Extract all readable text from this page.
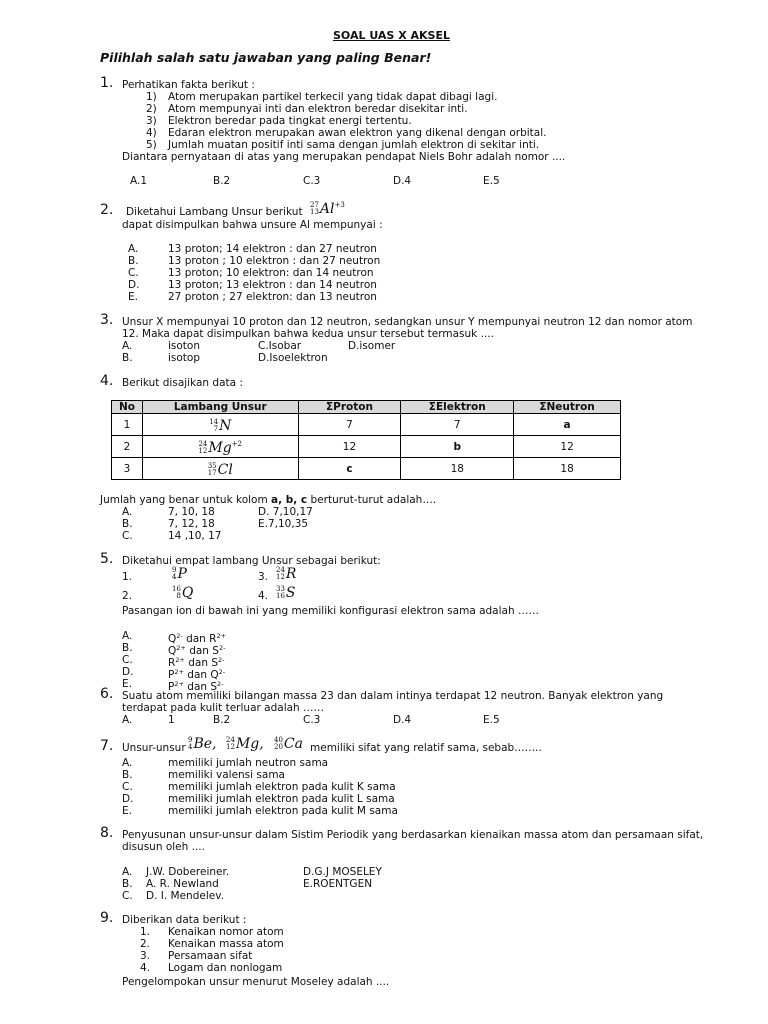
SOAL UAS X AKSEL
Pilihlah salah satu jawaban yang paling Benar!
1. Perhatikan fakta berikut :
1) Atom merupakan partikel terkecil yang tidak dapat dibagi lagi.
2) Atom mempunyai inti dan elektron beredar disekitar inti.
3) Elektron beredar pada tingkat energi tertentu.
4) Edaran elektron merupakan awan elektron yang dikenal dengan orbital.
5) Jumlah muatan positif inti sama dengan jumlah elektron di sekitar inti.
Diantara pernyataan di atas yang merupakan pendapat Niels Bohr adalah nomor ....
A.1	B.2	C.3	D.4	E.5
2. Diketahui Lambang Unsur berikut
27
13 $Al^{+3}$
dapat disimpulkan bahwa unsure Al mempunyai :
A.	13 proton; 14 elektron : dan 27 neutron
B.	13 proton ; 10 elektron : dan 27 neutron
C.	13 proton; 10 elektron: dan 14 neutron
D.	13 proton; 13 elektron : dan 14 neutron
E.	27 proton ; 27 elektron: dan 13 neutron
3. Unsur X mempunyai 10 proton dan 12 neutron, sedangkan unsur Y mempunyai neutron 12 dan nomor atom
12. Maka dapat disimpulkan bahwa kedua unsur tersebut termasuk ....
A.	isoton	C.Isobar	D.isomer
B.	isotop	D.Isoelektron
4. Berikut disajikan data :
No	Lambang Unsur	ΣProton	ΣElektron	ΣNeutron
1	14
7 N	7	7	a
2	24
12 $Mg^{+2}$	12	b	12
3	35
17 Cl	c	18	18
Jumlah yang benar untuk kolom a, b, c berturut-turut adalah….
A.	7, 10, 18	D. 7,10,17
B.	7, 12, 18	E.7,10,35
C.	14 ,10, 17
5. Diketahui empat lambang Unsur sebagai berikut:
1.
9
4 P	3.
24
12 R
2.
16
8 Q	4.
33
16 S
Pasangan ion di bawah ini yang memiliki konfigurasi elektron sama adalah ……
A.	$Q^{2-}$ dan $R^{2+}$
B.	$Q^{2+}$ dan $S^{2-}$
C.	$R^{2+}$ dan $S^{2-}$
D.	$P^{2+}$ dan $Q^{2-}$
E.	$P^{2+}$ dan $S^{2-}$
6. Suatu atom memiliki bilangan massa 23 dan dalam intinya terdapat 12 neutron. Banyak elektron yang
terdapat pada kulit terluar adalah ……
A.	1	B.2	C.3	D.4	E.5
7. Unsur-unsur
9
4 Be, 24
12 Mg, 40
20 Ca memiliki sifat yang relatif sama, sebab……..
A.	memiliki jumlah neutron sama
B.	memiliki valensi sama
C.	memiliki jumlah elektron pada kulit K sama
D.	memiliki jumlah elektron pada kulit L sama
E.	memiliki jumlah elektron pada kulit M sama
8. Penyusunan unsur-unsur dalam Sistim Periodik yang berdasarkan kienaikan massa atom dan persamaan sifat,
disusun oleh ....
A. J.W. Dobereiner.	D.G.J MOSELEY
B. A. R. Newland	E.ROENTGEN
C. D. I. Mendelev.
9. Diberikan data berikut :
1. Kenaikan nomor atom
2. Kenaikan massa atom
3. Persamaan sifat
4. Logam dan nonlogam
Pengelompokan unsur menurut Moseley adalah ....
